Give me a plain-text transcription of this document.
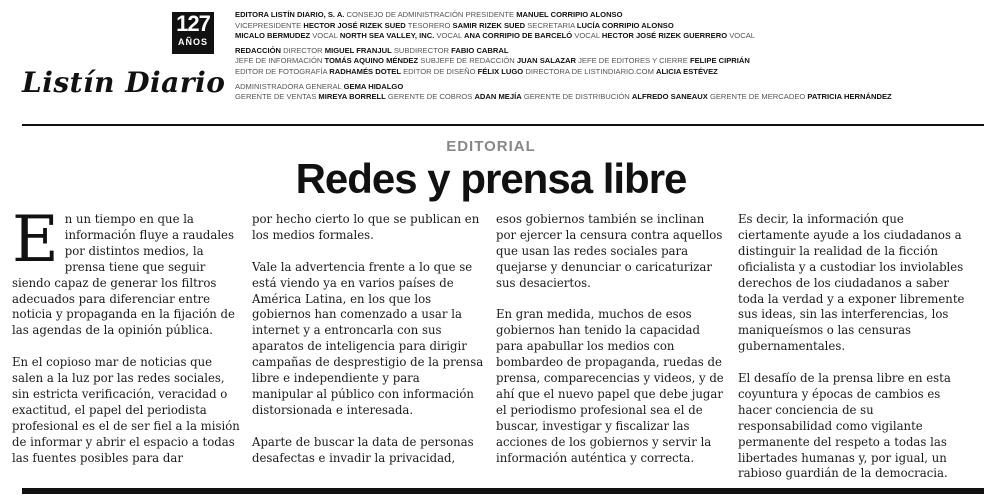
127
AÑOS
Listín Diario
EDITORA LISTÍN DIARIO, S. A. CONSEJO DE ADMINISTRACIÓN PRESIDENTE MANUEL CORRIPIO ALONSO
VICEPRESIDENTE HECTOR JOSÉ RIZEK SUED TESORERO SAMIR RIZEK SUED SECRETARIA LUCÍA CORRIPIO ALONSO
MICALO BERMUDEZ VOCAL NORTH SEA VALLEY, INC. VOCAL ANA CORRIPIO DE BARCELÓ VOCAL HECTOR JOSÉ RIZEK GUERRERO VOCAL
REDACCIÓN DIRECTOR MIGUEL FRANJUL SUBDIRECTOR FABIO CABRAL
JEFE DE INFORMACIÓN TOMÁS AQUINO MÉNDEZ SUBJEFE DE REDACCIÓN JUAN SALAZAR JEFE DE EDITORES Y CIERRE FELIPE CIPRIÁN
EDITOR DE FOTOGRAFÍA RADHAMÉS DOTEL EDITOR DE DISEÑO FÉLIX LUGO DIRECTORA DE LISTINDIARIO.COM ALICIA ESTÉVEZ
ADMINISTRADORA GENERAL GEMA HIDALGO
GERENTE DE VENTAS MIREYA BORRELL GERENTE DE COBROS ADAN MEJÍA GERENTE DE DISTRIBUCIÓN ALFREDO SANEAUX GERENTE DE MERCADEO PATRICIA HERNÁNDEZ
EDITORIAL
Redes y prensa libre

En un tiempo en que la información fluye a raudales por distintos medios, la prensa tiene que seguir siendo capaz de generar los filtros adecuados para diferenciar entre noticia y propaganda en la fijación de las agendas de la opinión pública.

En el copioso mar de noticias que salen a la luz por las redes sociales, sin estricta verificación, veracidad o exactitud, el papel del periodista profesional es el de ser fiel a la misión de informar y abrir el espacio a todas las fuentes posibles para dar

por hecho cierto lo que se publican en los medios formales.

Vale la advertencia frente a lo que se está viendo ya en varios países de América Latina, en los que los gobiernos han comenzado a usar la internet y a entroncarla con sus aparatos de inteligencia para dirigir campañas de desprestigio de la prensa libre e independiente y para manipular al público con información distorsionada e interesada.

Aparte de buscar la data de personas desafectas e invadir la privacidad,

esos gobiernos también se inclinan por ejercer la censura contra aquellos que usan las redes sociales para quejarse y denunciar o caricaturizar sus desaciertos.

En gran medida, muchos de esos gobiernos han tenido la capacidad para apabullar los medios con bombardeo de propaganda, ruedas de prensa, comparecencias y videos, y de ahí que el nuevo papel que debe jugar el periodismo profesional sea el de buscar, investigar y fiscalizar las acciones de los gobiernos y servir la información auténtica y correcta.

Es decir, la información que ciertamente ayude a los ciudadanos a distinguir la realidad de la ficción oficialista y a custodiar los inviolables derechos de los ciudadanos a saber toda la verdad y a exponer libremente sus ideas, sin las interferencias, los maniqueísmos o las censuras gubernamentales.

El desafío de la prensa libre en esta coyuntura y épocas de cambios es hacer conciencia de su responsabilidad como vigilante permanente del respeto a todas las libertades humanas y, por igual, un rabioso guardián de la democracia.
